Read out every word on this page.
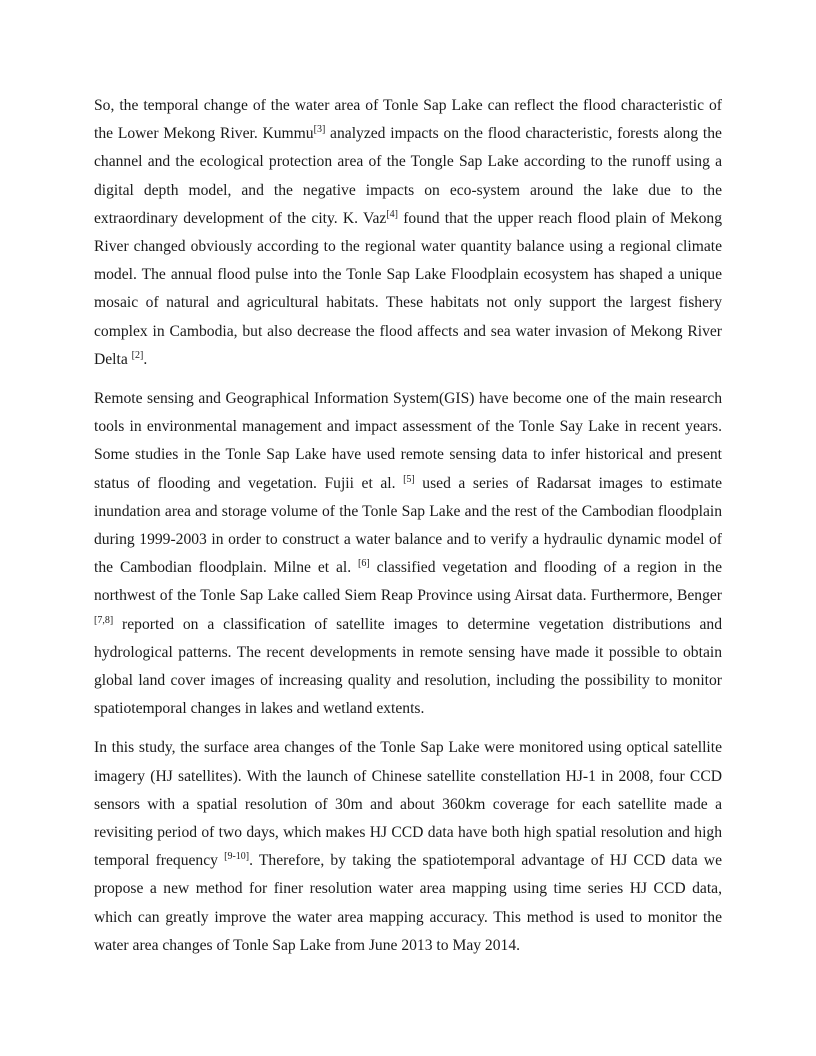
So, the temporal change of the water area of Tonle Sap Lake can reflect the flood characteristic of the Lower Mekong River. Kummu[3] analyzed impacts on the flood characteristic, forests along the channel and the ecological protection area of the Tongle Sap Lake according to the runoff using a digital depth model, and the negative impacts on eco-system around the lake due to the extraordinary development of the city. K. Vaz[4] found that the upper reach flood plain of Mekong River changed obviously according to the regional water quantity balance using a regional climate model. The annual flood pulse into the Tonle Sap Lake Floodplain ecosystem has shaped a unique mosaic of natural and agricultural habitats. These habitats not only support the largest fishery complex in Cambodia, but also decrease the flood affects and sea water invasion of Mekong River Delta [2].

Remote sensing and Geographical Information System(GIS) have become one of the main research tools in environmental management and impact assessment of the Tonle Say Lake in recent years. Some studies in the Tonle Sap Lake have used remote sensing data to infer historical and present status of flooding and vegetation. Fujii et al. [5] used a series of Radarsat images to estimate inundation area and storage volume of the Tonle Sap Lake and the rest of the Cambodian floodplain during 1999-2003 in order to construct a water balance and to verify a hydraulic dynamic model of the Cambodian floodplain. Milne et al. [6] classified vegetation and flooding of a region in the northwest of the Tonle Sap Lake called Siem Reap Province using Airsat data. Furthermore, Benger [7,8] reported on a classification of satellite images to determine vegetation distributions and hydrological patterns. The recent developments in remote sensing have made it possible to obtain global land cover images of increasing quality and resolution, including the possibility to monitor spatiotemporal changes in lakes and wetland extents.

In this study, the surface area changes of the Tonle Sap Lake were monitored using optical satellite imagery (HJ satellites). With the launch of Chinese satellite constellation HJ-1 in 2008, four CCD sensors with a spatial resolution of 30m and about 360km coverage for each satellite made a revisiting period of two days, which makes HJ CCD data have both high spatial resolution and high temporal frequency [9-10]. Therefore, by taking the spatiotemporal advantage of HJ CCD data we propose a new method for finer resolution water area mapping using time series HJ CCD data, which can greatly improve the water area mapping accuracy. This method is used to monitor the water area changes of Tonle Sap Lake from June 2013 to May 2014.
